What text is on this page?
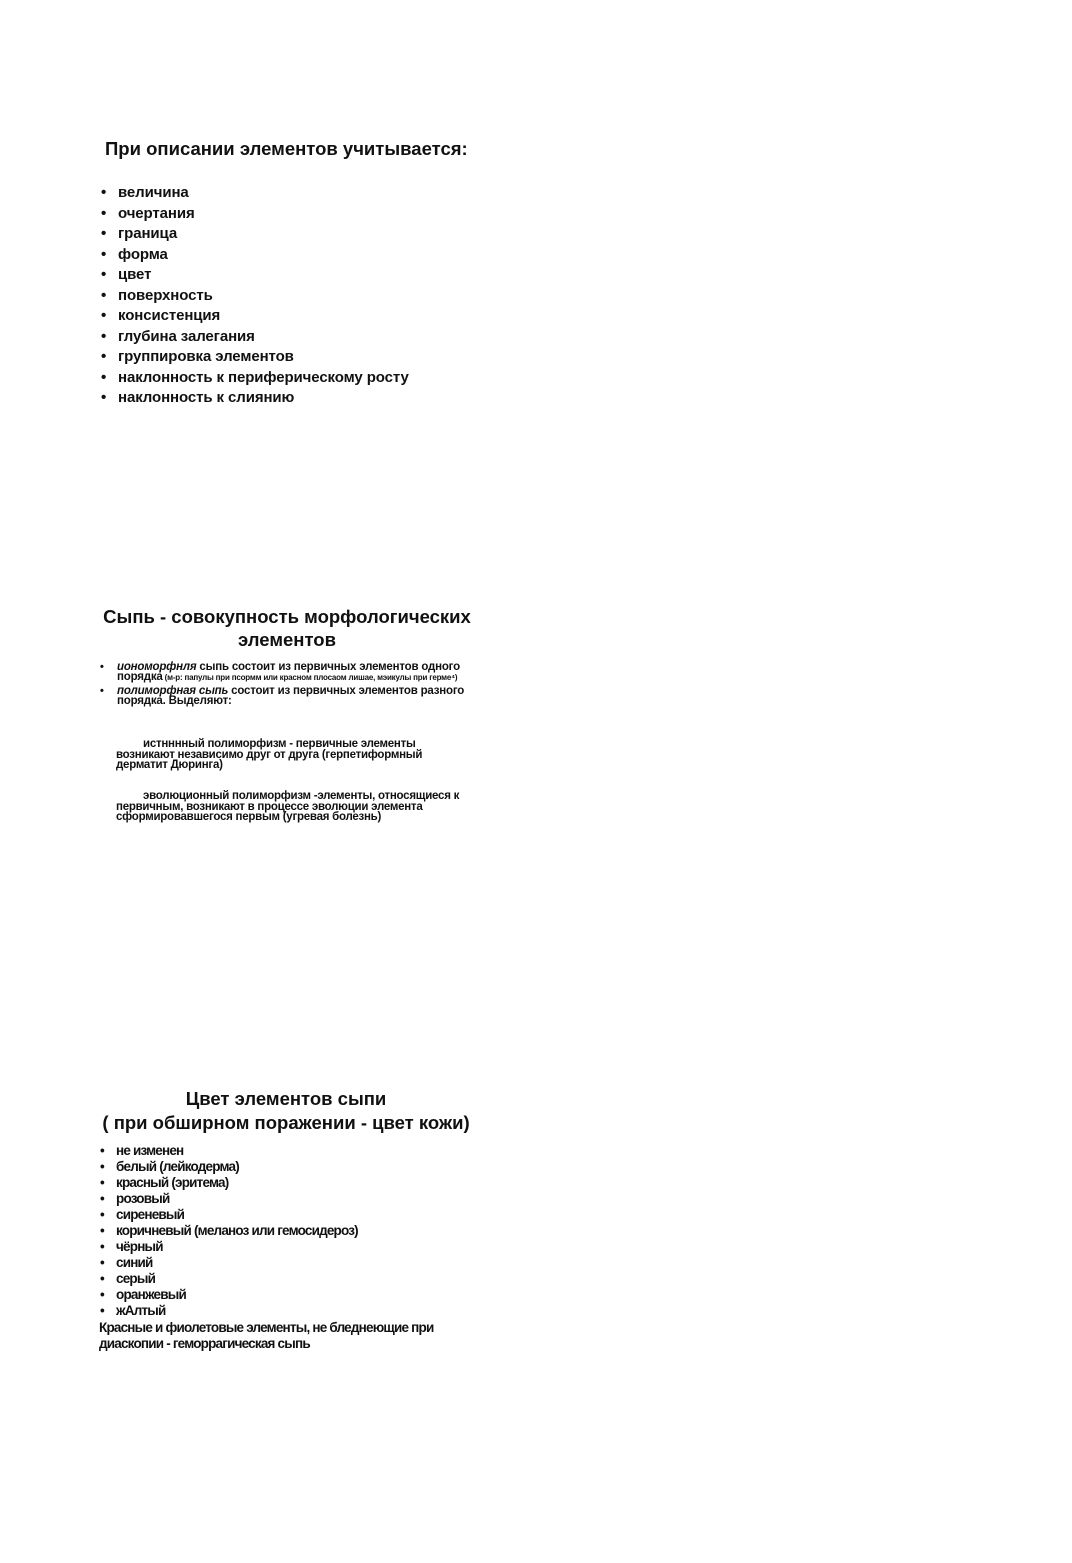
При описании элементов учитывается:
• величина
• очертания
• граница
• форма
• цвет
• поверхность
• консистенция
• глубина залегания
• группировка элементов
• наклонность к периферическому росту
• наклонность к слиянию
Сыпь - совокупность морфологических
элементов
• иономорфнля сыпь состоит из первичных элементов одного порядка (м-р: папулы при псормм или красном плосаом лишае, мэикулы при герме⁴)
• полиморфная сыпь состоит из первичных элементов разного порядка. Выделяют:
истнннный полиморфизм - первичные элементы возникают независимо друг от друга (герпетиформный дерматит Дюринга)
эволюционный полиморфизм -элементы, относящиеся к первичным, возникают в процессе эволюции элемента сформировавшегося первым (угревая болезнь)
Цвет элементов сыпи
( при обширном поражении - цвет кожи)
• не изменен
• белый (лейкодерма)
• красный (эритема)
• розовый
• сиреневый
• коричневый (меланоз или гемосидероз)
• чёрный
• синий
• серый
• оранжевый
• жАлтый
Красные и фиолетовые элементы, не бледнеющие при диаскопии - геморрагическая сыпь
